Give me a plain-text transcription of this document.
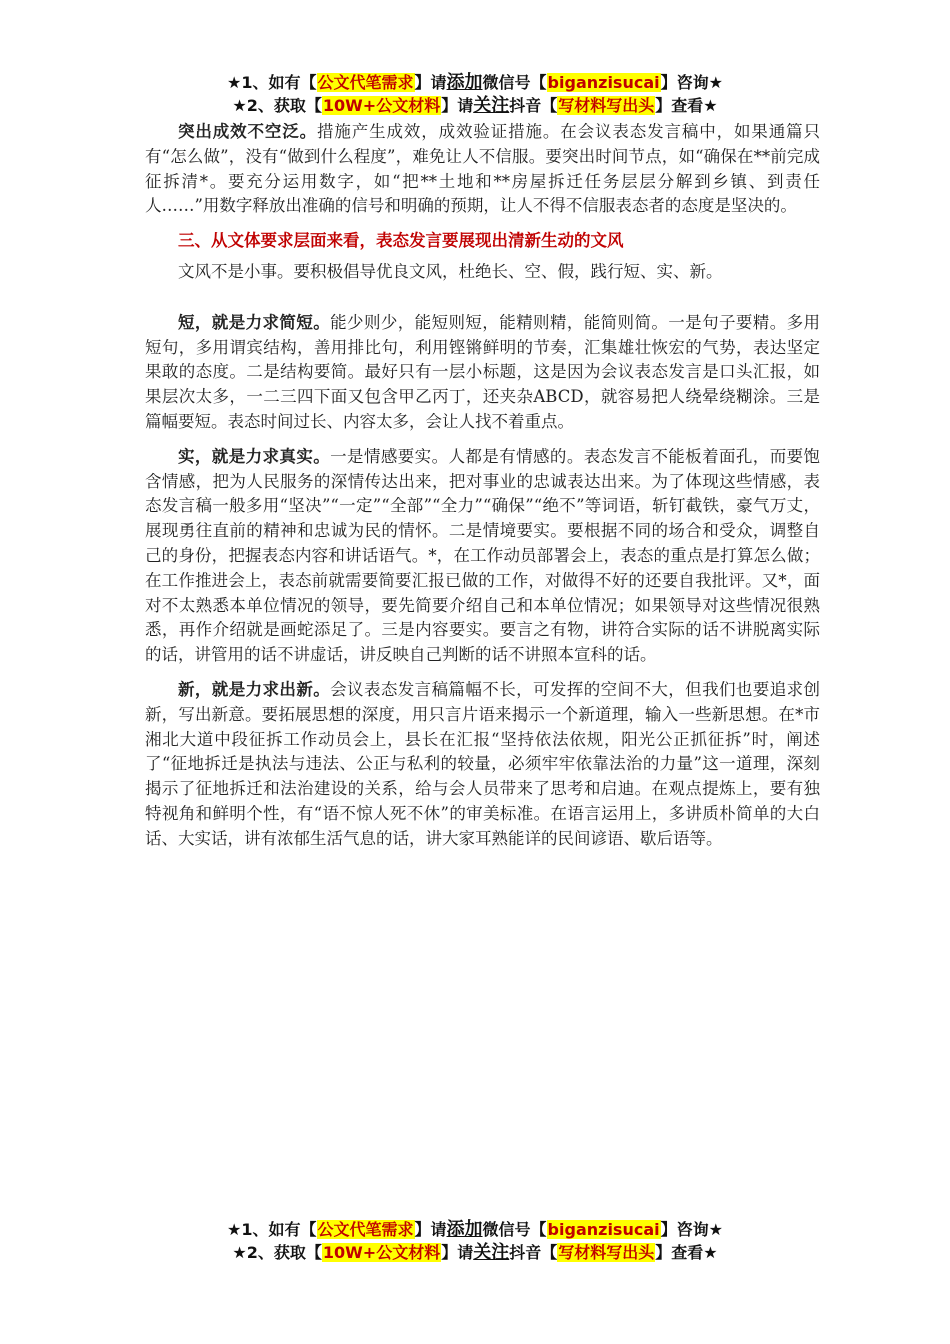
★1、如有【公文代笔需求】请添加微信号【biganzisucai】咨询★
★2、获取【10W+公文材料】请关注抖音【写材料写出头】查看★

突出成效不空泛。措施产生成效，成效验证措施。在会议表态发言稿中，如果通篇只有“怎么做”，没有“做到什么程度”，难免让人不信服。要突出时间节点，如“确保在**前完成征拆清*。要充分运用数字，如“把**土地和**房屋拆迁任务层层分解到乡镇、到责任人……”用数字释放出准确的信号和明确的预期，让人不得不信服表态者的态度是坚决的。

三、从文体要求层面来看，表态发言要展现出清新生动的文风

文风不是小事。要积极倡导优良文风，杜绝长、空、假，践行短、实、新。

短，就是力求简短。能少则少，能短则短，能精则精，能简则简。一是句子要精。多用短句，多用谓宾结构，善用排比句，利用铿锵鲜明的节奏，汇集雄壮恢宏的气势，表达坚定果敢的态度。二是结构要简。最好只有一层小标题，这是因为会议表态发言是口头汇报，如果层次太多，一二三四下面又包含甲乙丙丁，还夹杂ABCD，就容易把人绕晕绕糊涂。三是篇幅要短。表态时间过长、内容太多，会让人找不着重点。

实，就是力求真实。一是情感要实。人都是有情感的。表态发言不能板着面孔，而要饱含情感，把为人民服务的深情传达出来，把对事业的忠诚表达出来。为了体现这些情感，表态发言稿一般多用“坚决”“一定”“全部”“全力”“确保”“绝不”等词语，斩钉截铁，豪气万丈，展现勇往直前的精神和忠诚为民的情怀。二是情境要实。要根据不同的场合和受众，调整自己的身份，把握表态内容和讲话语气。*，在工作动员部署会上，表态的重点是打算怎么做；在工作推进会上，表态前就需要简要汇报已做的工作，对做得不好的还要自我批评。又*，面对不太熟悉本单位情况的领导，要先简要介绍自己和本单位情况；如果领导对这些情况很熟悉，再作介绍就是画蛇添足了。三是内容要实。要言之有物，讲符合实际的话不讲脱离实际的话，讲管用的话不讲虚话，讲反映自己判断的话不讲照本宣科的话。

新，就是力求出新。会议表态发言稿篇幅不长，可发挥的空间不大，但我们也要追求创新，写出新意。要拓展思想的深度，用只言片语来揭示一个新道理，输入一些新思想。在*市湘北大道中段征拆工作动员会上，县长在汇报“坚持依法依规，阳光公正抓征拆”时，阐述了“征地拆迁是执法与违法、公正与私利的较量，必须牢牢依靠法治的力量”这一道理，深刻揭示了征地拆迁和法治建设的关系，给与会人员带来了思考和启迪。在观点提炼上，要有独特视角和鲜明个性，有“语不惊人死不休”的审美标准。在语言运用上，多讲质朴简单的大白话、大实话，讲有浓郁生活气息的话，讲大家耳熟能详的民间谚语、歇后语等。

★1、如有【公文代笔需求】请添加微信号【biganzisucai】咨询★
★2、获取【10W+公文材料】请关注抖音【写材料写出头】查看★
